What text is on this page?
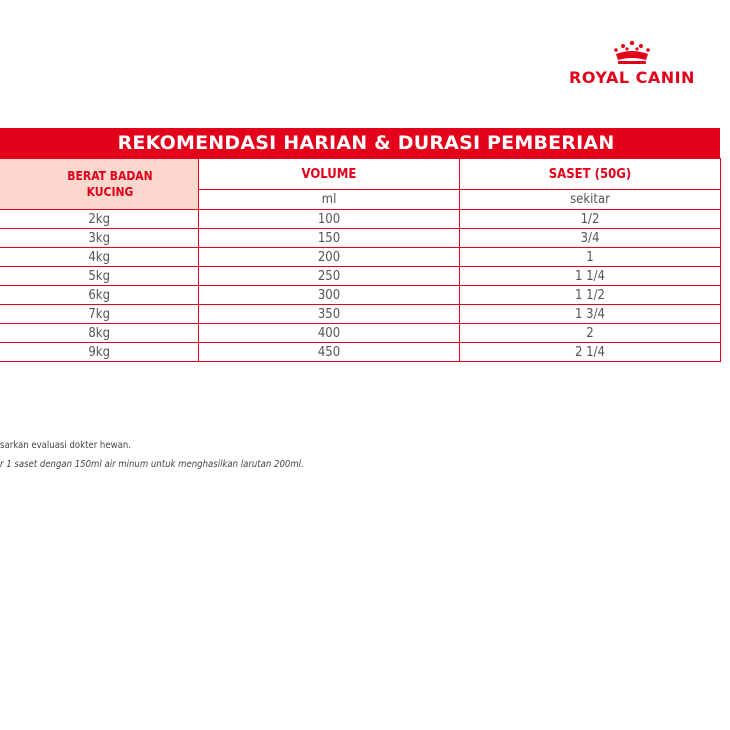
ROYAL CANIN
REKOMENDASI HARIAN & DURASI PEMBERIAN
BERAT BADAN KUCING	VOLUME	SASET (50G)
	ml	sekitar
2kg	100	1/2
3kg	150	3/4
4kg	200	1
5kg	250	1 1/4
6kg	300	1 1/2
7kg	350	1 3/4
8kg	400	2
9kg	450	2 1/4
sarkan evaluasi dokter hewan.
r 1 saset dengan 150ml air minum untuk menghasilkan larutan 200ml.
